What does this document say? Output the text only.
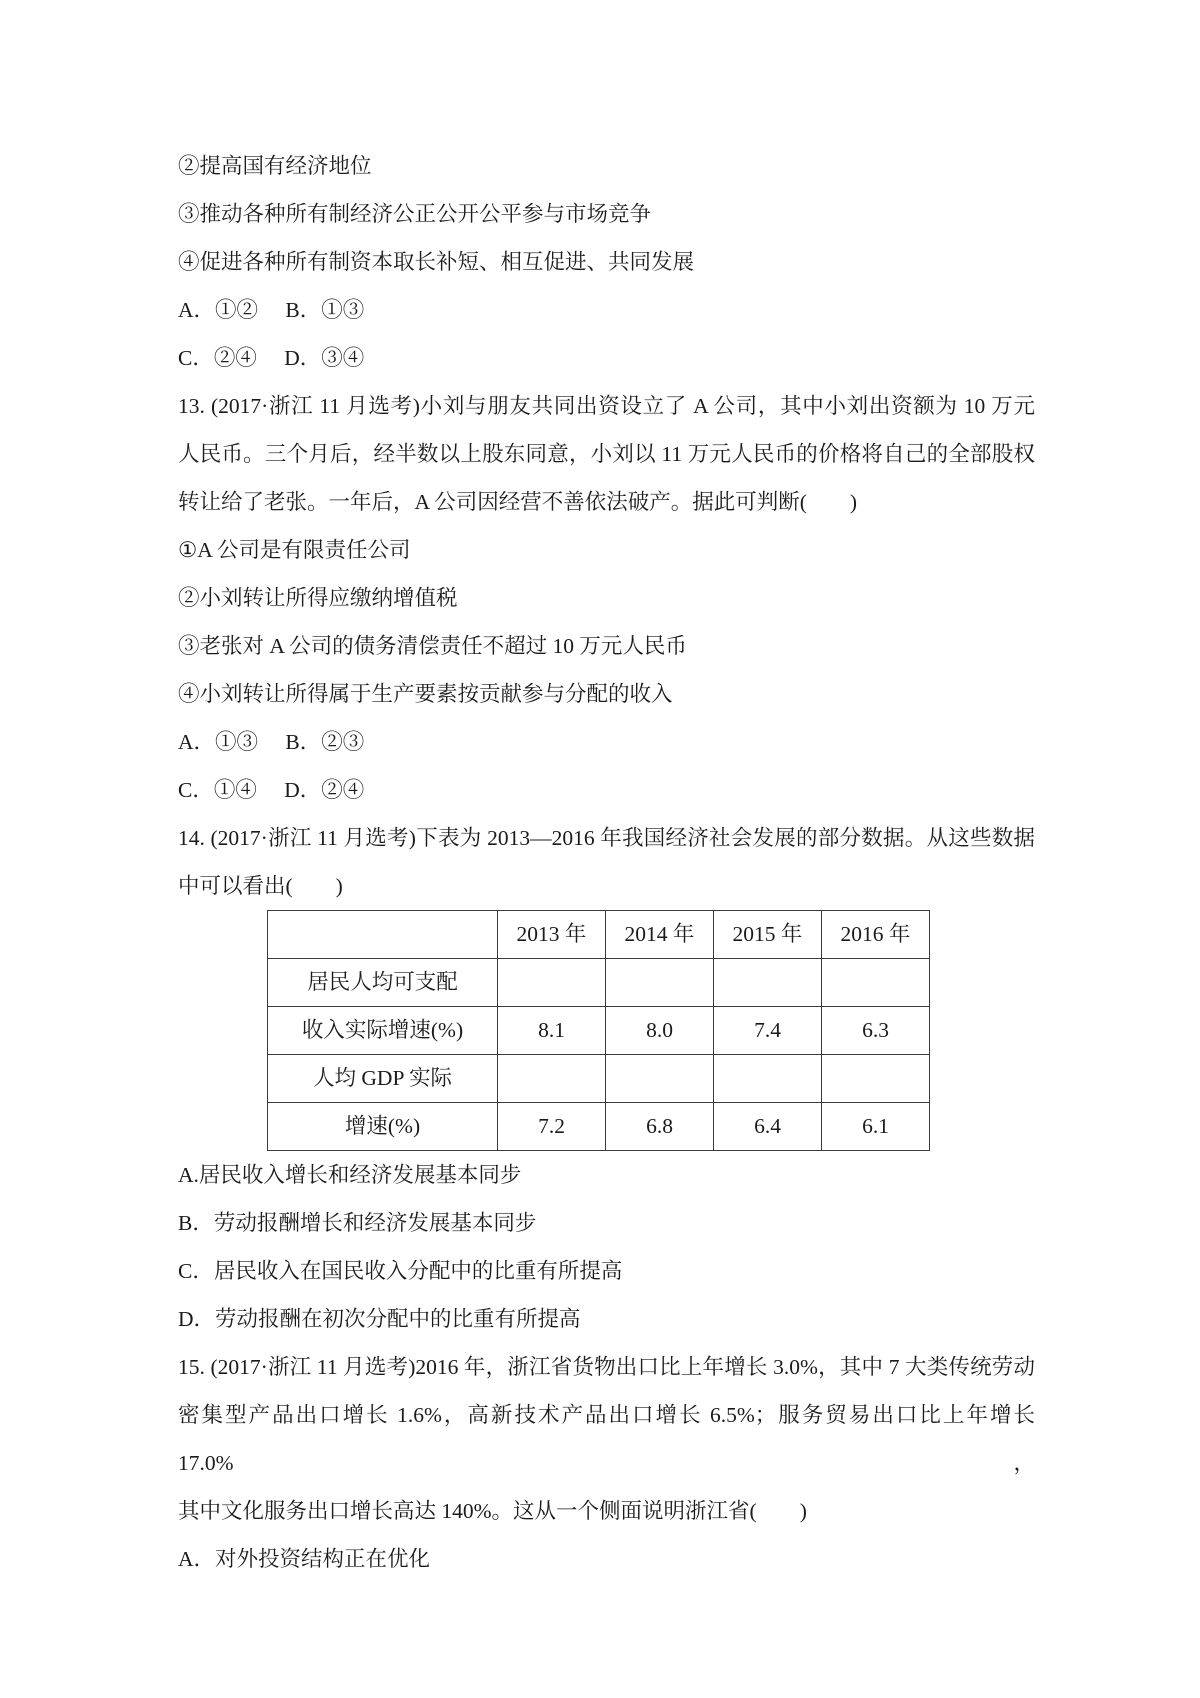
②提高国有经济地位
③推动各种所有制经济公正公开公平参与市场竞争
④促进各种所有制资本取长补短、相互促进、共同发展
A．①② B．①③
C．②④ D．③④
13. (2017·浙江 11 月选考)小刘与朋友共同出资设立了 A 公司，其中小刘出资额为 10 万元
人民币。三个月后，经半数以上股东同意，小刘以 11 万元人民币的价格将自己的全部股权
转让给了老张。一年后，A 公司因经营不善依法破产。据此可判断(　　)
①A 公司是有限责任公司
②小刘转让所得应缴纳增值税
③老张对 A 公司的债务清偿责任不超过 10 万元人民币
④小刘转让所得属于生产要素按贡献参与分配的收入
A．①③ B．②③
C．①④ D．②④
14. (2017·浙江 11 月选考)下表为 2013—2016 年我国经济社会发展的部分数据。从这些数据
中可以看出(　　)
	2013 年	2014 年	2015 年	2016 年
居民人均可支配				
收入实际增速(%)	8.1	8.0	7.4	6.3
人均 GDP 实际				
增速(%)	7.2	6.8	6.4	6.1
A.居民收入增长和经济发展基本同步
B．劳动报酬增长和经济发展基本同步
C．居民收入在国民收入分配中的比重有所提高
D．劳动报酬在初次分配中的比重有所提高
15. (2017·浙江 11 月选考)2016 年，浙江省货物出口比上年增长 3.0%，其中 7 大类传统劳动
密集型产品出口增长 1.6%，高新技术产品出口增长 6.5%；服务贸易出口比上年增长 17.0%，
其中文化服务出口增长高达 140%。这从一个侧面说明浙江省(　　)
A．对外投资结构正在优化
